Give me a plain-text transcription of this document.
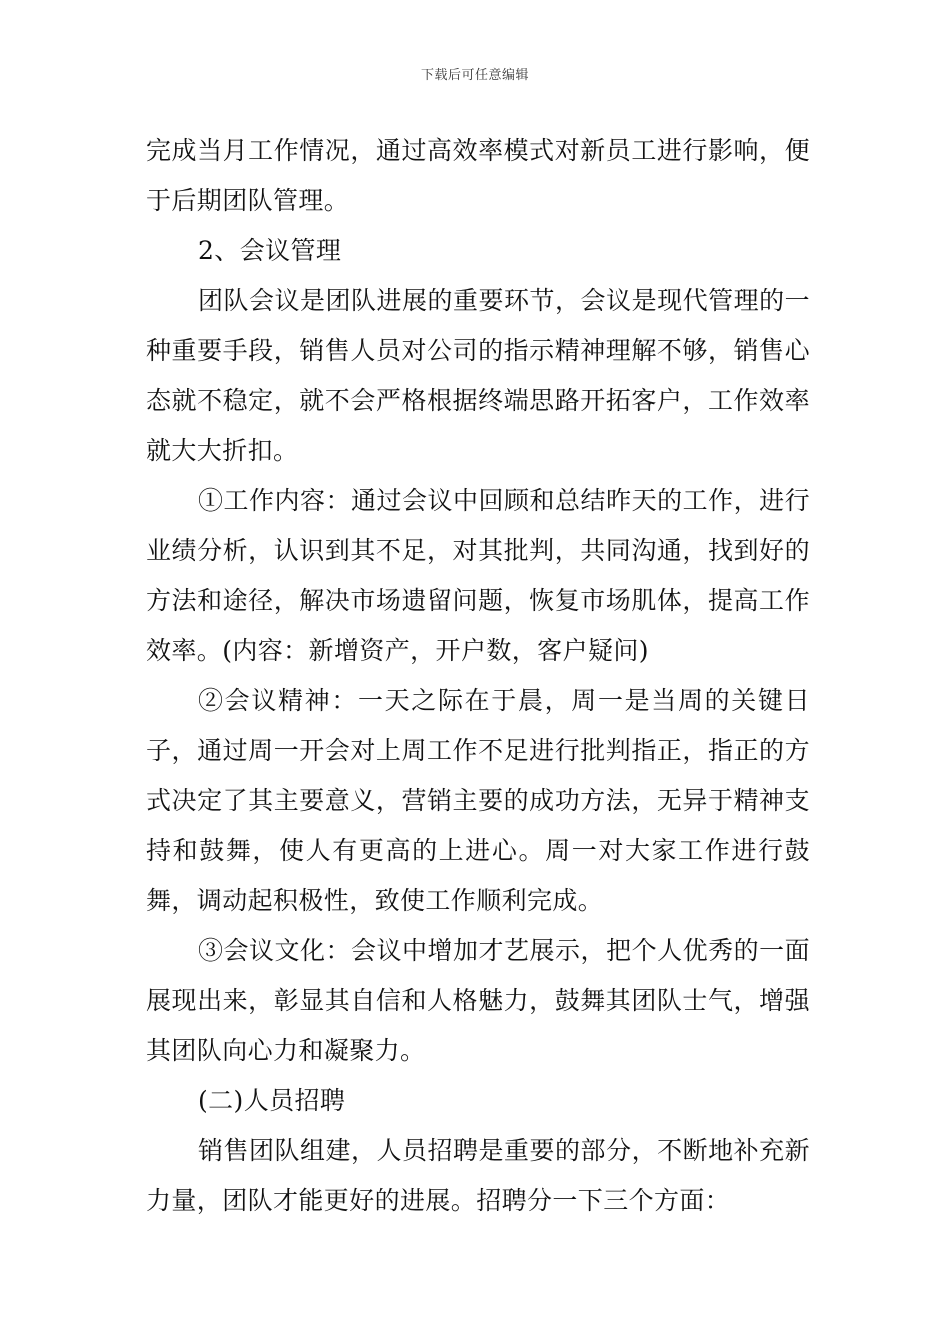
下载后可任意编辑

完成当月工作情况，通过高效率模式对新员工进行影响，便于后期团队管理。

2、会议管理

团队会议是团队进展的重要环节，会议是现代管理的一种重要手段，销售人员对公司的指示精神理解不够，销售心态就不稳定，就不会严格根据终端思路开拓客户，工作效率就大大折扣。

①工作内容：通过会议中回顾和总结昨天的工作，进行业绩分析，认识到其不足，对其批判，共同沟通，找到好的方法和途径，解决市场遗留问题，恢复市场肌体，提高工作效率。(内容：新增资产，开户数，客户疑问)

②会议精神：一天之际在于晨，周一是当周的关键日子，通过周一开会对上周工作不足进行批判指正，指正的方式决定了其主要意义，营销主要的成功方法，无异于精神支持和鼓舞，使人有更高的上进心。周一对大家工作进行鼓舞，调动起积极性，致使工作顺利完成。

③会议文化：会议中增加才艺展示，把个人优秀的一面展现出来，彰显其自信和人格魅力，鼓舞其团队士气，增强其团队向心力和凝聚力。

(二)人员招聘

销售团队组建，人员招聘是重要的部分，不断地补充新力量，团队才能更好的进展。招聘分一下三个方面：
